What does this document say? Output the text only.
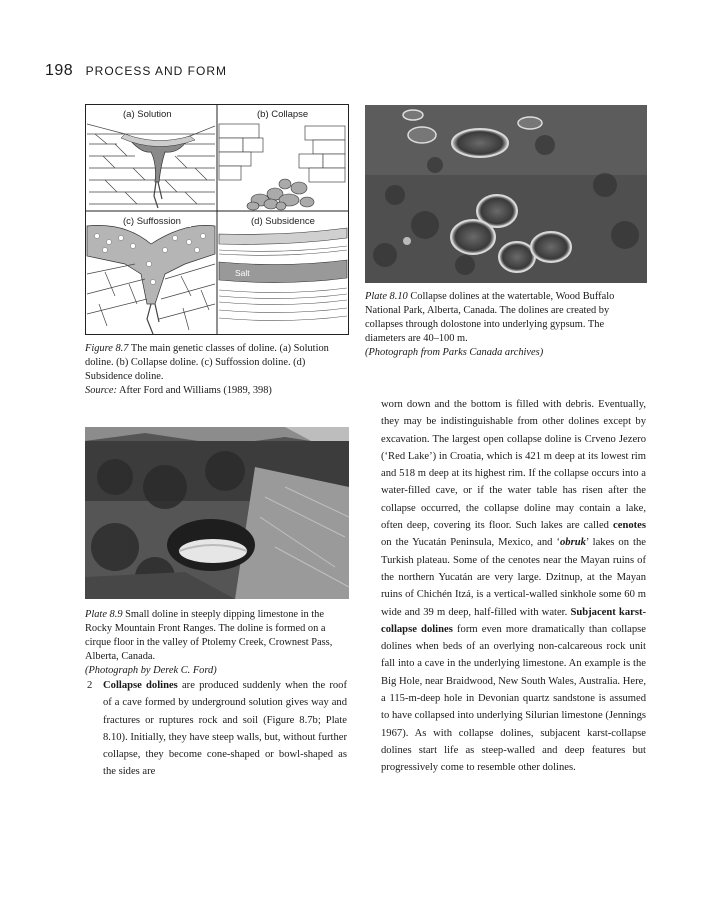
198 PROCESS AND FORM
Salt
(a) Solution	(b) Collapse
(c) Suffossion	(d) Subsidence
Figure 8.7 The main genetic classes of doline. (a) Solution doline. (b) Collapse doline. (c) Suffossion doline. (d) Subsidence doline.
Source: After Ford and Williams (1989, 398)
Plate 8.10 Collapse dolines at the watertable, Wood Buffalo National Park, Alberta, Canada. The dolines are created by collapses through dolostone into underlying gypsum. The diameters are 40–100 m.
(Photograph from Parks Canada archives)
Plate 8.9 Small doline in steeply dipping limestone in the Rocky Mountain Front Ranges. The doline is formed on a cirque floor in the valley of Ptolemy Creek, Crownest Pass, Alberta, Canada.
(Photograph by Derek C. Ford)
2 Collapse dolines are produced suddenly when the roof of a cave formed by underground solution gives way and fractures or ruptures rock and soil (Figure 8.7b; Plate 8.10). Initially, they have steep walls, but, without further collapse, they become cone-shaped or bowl-shaped as the sides are
worn down and the bottom is filled with debris. Eventually, they may be indistinguishable from other dolines except by excavation. The largest open collapse doline is Crveno Jezero (‘Red Lake’) in Croatia, which is 421 m deep at its lowest rim and 518 m deep at its highest rim. If the collapse occurs into a water-filled cave, or if the water table has risen after the collapse occurred, the collapse doline may contain a lake, often deep, covering its floor. Such lakes are called cenotes on the Yucatán Peninsula, Mexico, and ‘obruk’ lakes on the Turkish plateau. Some of the cenotes near the Mayan ruins of the northern Yucatán are very large. Dzitnup, at the Mayan ruins of Chichén Itzá, is a vertical-walled sinkhole some 60 m wide and 39 m deep, half-filled with water. Subjacent karst-collapse dolines form even more dramatically than collapse dolines when beds of an overlying non-calcareous rock unit fall into a cave in the underlying limestone. An example is the Big Hole, near Braidwood, New South Wales, Australia. Here, a 115-m-deep hole in Devonian quartz sandstone is assumed to have collapsed into underlying Silurian limestone (Jennings 1967). As with collapse dolines, subjacent karst-collapse dolines start life as steep-walled and deep features but progressively come to resemble other dolines.
